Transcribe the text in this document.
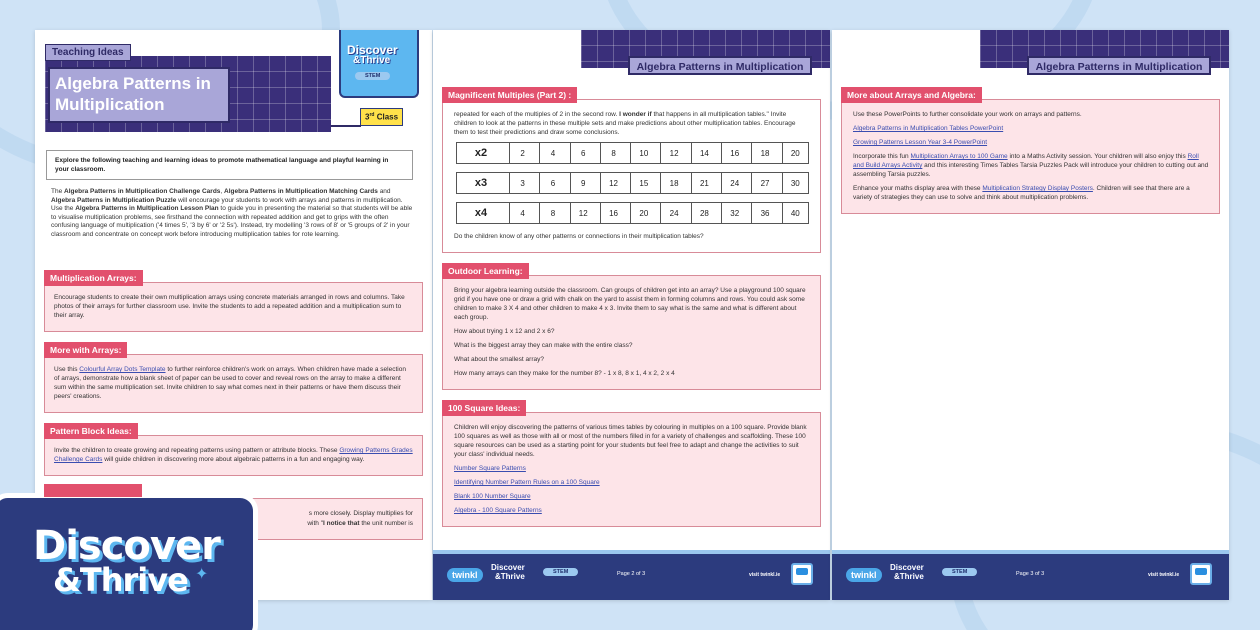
Teaching Ideas
Algebra Patterns in Multiplication
Discover
&Thrive
STEM
3rd Class
Explore the following teaching and learning ideas to promote mathematical language and playful learning in your classroom.
The Algebra Patterns in Multiplication Challenge Cards, Algebra Patterns in Multiplication Matching Cards and Algebra Patterns in Multiplication Puzzle will encourage your students to work with arrays and patterns in multiplication. Use the Algebra Patterns in Multiplication Lesson Plan to guide you in presenting the material so that students will be able to visualise multiplication problems, see firsthand the connection with repeated addition and get to grips with the often confusing language of multiplication ('4 times 5', '3 by 6' or '2 5s'). Instead, try modelling '3 rows of 8' or '5 groups of 2' in your classroom and concentrate on concept work before introducing multiplication tables for rote learning.
Multiplication Arrays:

Encourage students to create their own multiplication arrays using concrete materials arranged in rows and columns. Take photos of their arrays for further classroom use. Invite the students to add a repeated addition and a multiplication sum to their array.

More with Arrays:

Use this Colourful Array Dots Template to further reinforce children's work on arrays. When children have made a selection of arrays, demonstrate how a blank sheet of paper can be used to cover and reveal rows on the array to make a different sum within the same multiplication set. Invite children to say what comes next in their patterns or have them discuss their peers' creations.

Pattern Block Ideas:

Invite the children to create growing and repeating patterns using pattern or attribute blocks. These Growing Patterns Grades Challenge Cards will guide children in discovering more about algebraic patterns in a fun and engaging way.

s more closely. Display multiplies for

with "I notice that the unit number is

Algebra Patterns in Multiplication
Magnificent Multiples (Part 2) :

repeated for each of the multiples of 2 in the second row. I wonder if that happens in all multiplication tables." Invite children to look at the patterns in these multiple sets and make predictions about other multiplication tables. Encourage them to test their predictions and draw some conclusions.

x2	2	4	6	8	10	12	14	16	18	20
x3	3	6	9	12	15	18	21	24	27	30
x4	4	8	12	16	20	24	28	32	36	40

Do the children know of any other patterns or connections in their multiplication tables?

Outdoor Learning:

Bring your algebra learning outside the classroom. Can groups of children get into an array? Use a playground 100 square grid if you have one or draw a grid with chalk on the yard to assist them in forming columns and rows. You could ask some children to make 3 X 4 and other children to make 4 x 3. Invite them to say what is the same and what is different about each group.

How about trying 1 x 12 and 2 x 6?

What is the biggest array they can make with the entire class?

What about the smallest array?

How many arrays can they make for the number 8? - 1 x 8, 8 x 1, 4 x 2, 2 x 4

100 Square Ideas:

Children will enjoy discovering the patterns of various times tables by colouring in multiples on a 100 square. Provide blank 100 squares as well as those with all or most of the numbers filled in for a variety of challenges and scaffolding. These 100 square resources can be used as a starting point for your students but feel free to adapt and change the activities to suit your class' individual needs.

Number Square Patterns

Identifying Number Pattern Rules on a 100 Square

Blank 100 Number Square

Algebra - 100 Square Patterns

twinkl
Discover
&Thrive	STEM	Page 2 of 3	visit twinkl.ie
Algebra Patterns in Multiplication
More about Arrays and Algebra:

Use these PowerPoints to further consolidate your work on arrays and patterns.

Algebra Patterns in Multiplication Tables PowerPoint

Growing Patterns Lesson Year 3-4 PowerPoint

Incorporate this fun Multiplication Arrays to 100 Game into a Maths Activity session. Your children will also enjoy this Roll and Build Arrays Activity and this interesting Times Tables Tarsia Puzzles Pack will introduce your children to cutting out and assembling Tarsia puzzles.

Enhance your maths display area with these Multiplication Strategy Display Posters. Children will see that there are a variety of strategies they can use to solve and think about multiplication problems.

twinkl
Discover
&Thrive	STEM	Page 3 of 3	visit twinkl.ie
Discover
&Thrive ✦
